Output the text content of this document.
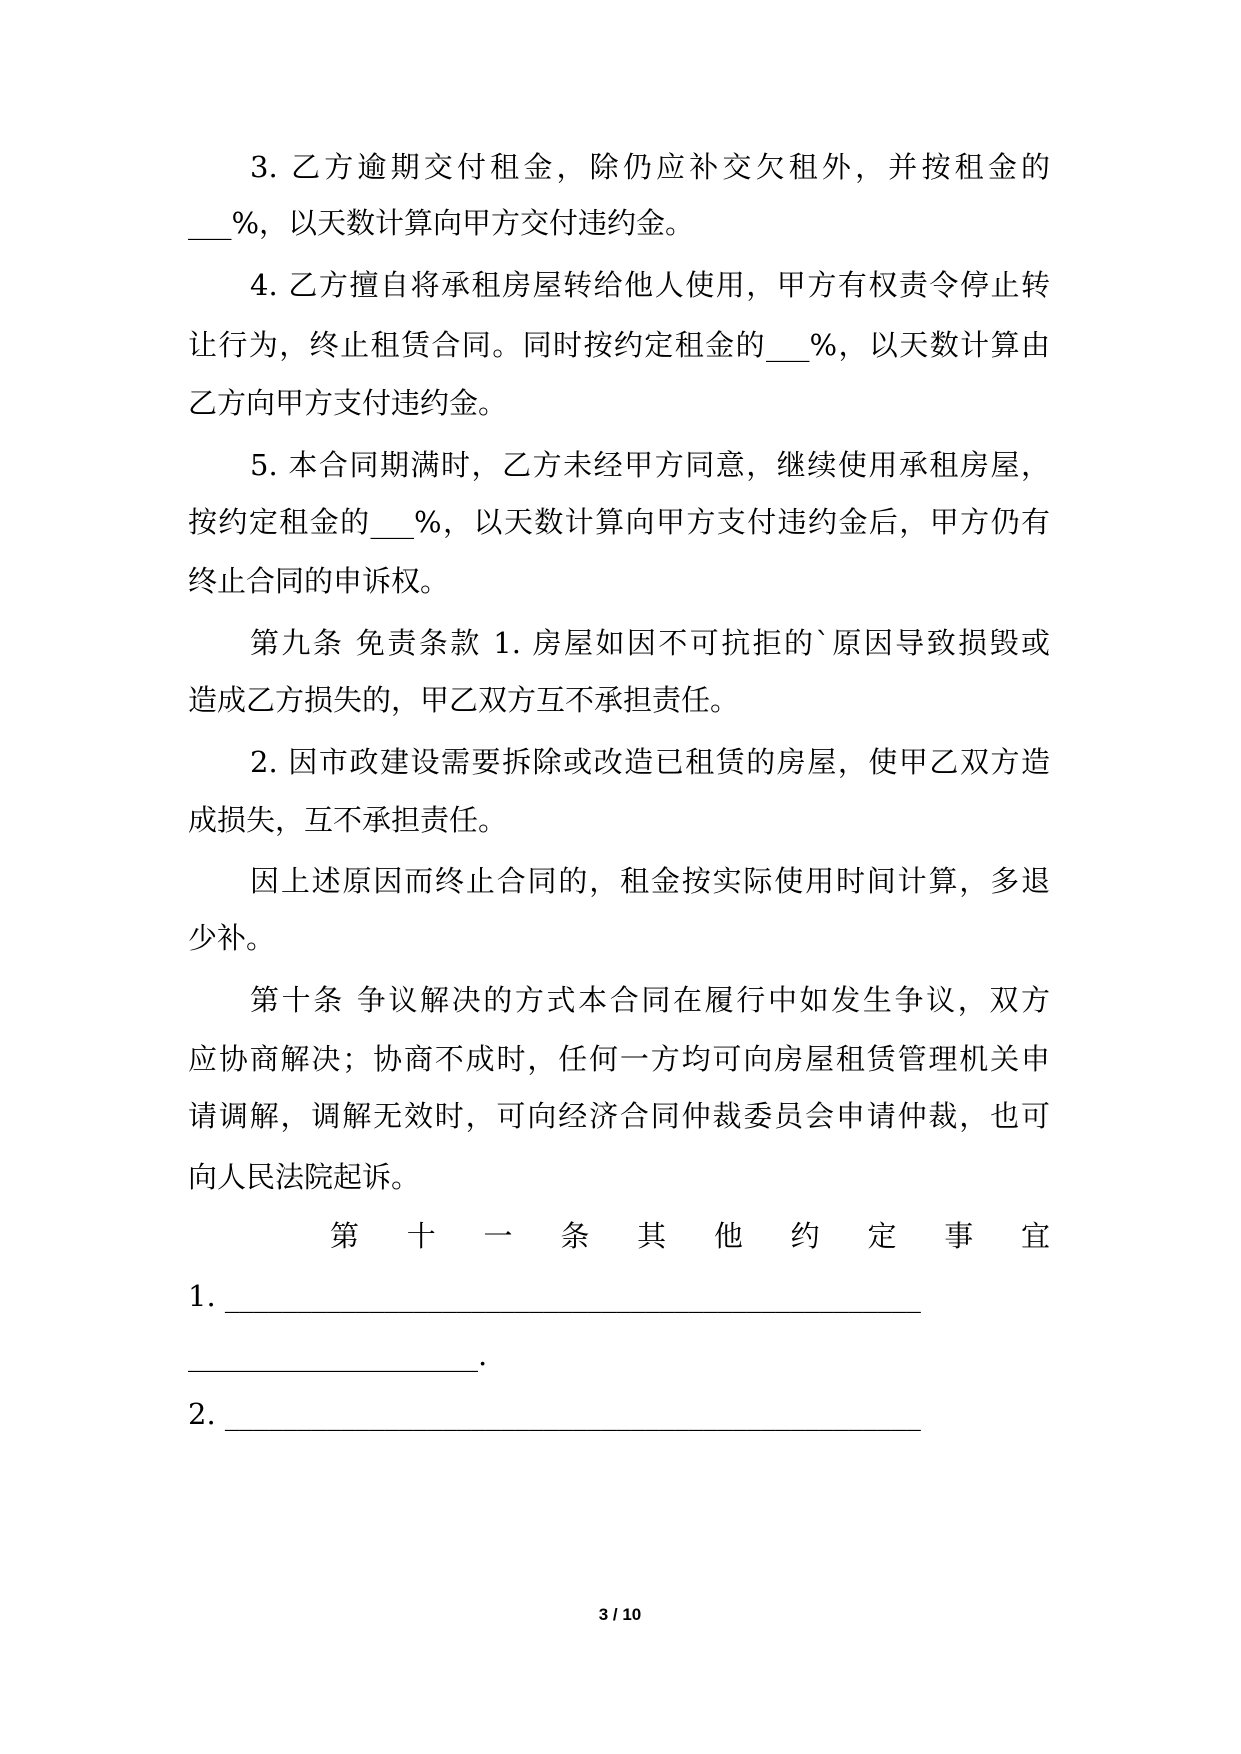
3. 乙方逾期交付租金，除仍应补交欠租外，并按租金的
___%，以天数计算向甲方交付违约金。
4. 乙方擅自将承租房屋转给他人使用，甲方有权责令停止转
让行为，终止租赁合同。同时按约定租金的___%，以天数计算由
乙方向甲方支付违约金。
5. 本合同期满时，乙方未经甲方同意，继续使用承租房屋，
按约定租金的___%，以天数计算向甲方支付违约金后，甲方仍有
终止合同的申诉权。
第九条 免责条款 1. 房屋如因不可抗拒的`原因导致损毁或
造成乙方损失的，甲乙双方互不承担责任。
2. 因市政建设需要拆除或改造已租赁的房屋，使甲乙双方造
成损失，互不承担责任。
因上述原因而终止合同的，租金按实际使用时间计算，多退
少补。
第十条 争议解决的方式本合同在履行中如发生争议，双方
应协商解决；协商不成时，任何一方均可向房屋租赁管理机关申
请调解，调解无效时，可向经济合同仲裁委员会申请仲裁，也可
向人民法院起诉。
第 十 一 条 其 他 约 定 事 宜
1. ________________________________________________
____________________.
2. ________________________________________________
3 / 10
